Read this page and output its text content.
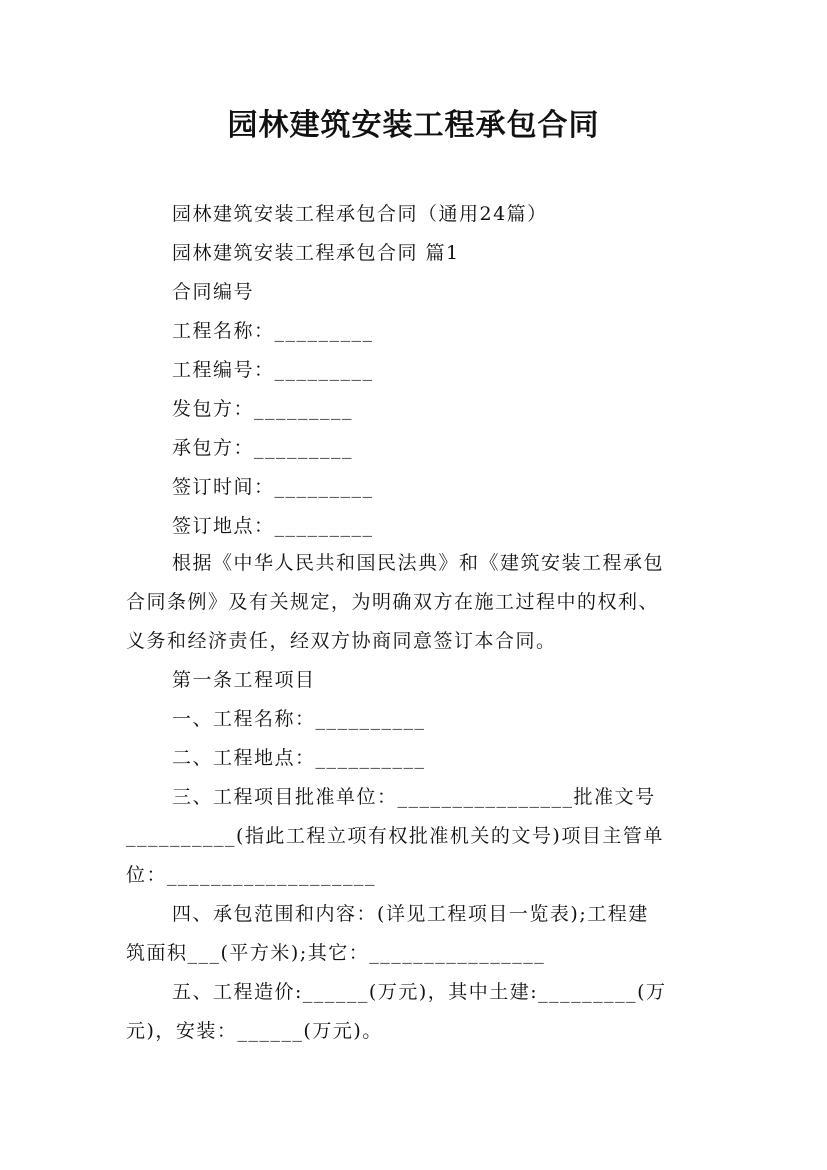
园林建筑安装工程承包合同
园林建筑安装工程承包合同（通用24篇）
园林建筑安装工程承包合同 篇1
合同编号
工程名称：_________
工程编号：_________
发包方：_________
承包方：_________
签订时间：_________
签订地点：_________
根据《中华人民共和国民法典》和《建筑安装工程承包
合同条例》及有关规定，为明确双方在施工过程中的权利、
义务和经济责任，经双方协商同意签订本合同。
第一条工程项目
一、工程名称：__________
二、工程地点：__________
三、工程项目批准单位：________________批准文号
__________(指此工程立项有权批准机关的文号)项目主管单
位：___________________
四、承包范围和内容：(详见工程项目一览表);工程建
筑面积___(平方米);其它：________________
五、工程造价:______(万元)，其中土建:_________(万
元)，安装：______(万元)。
